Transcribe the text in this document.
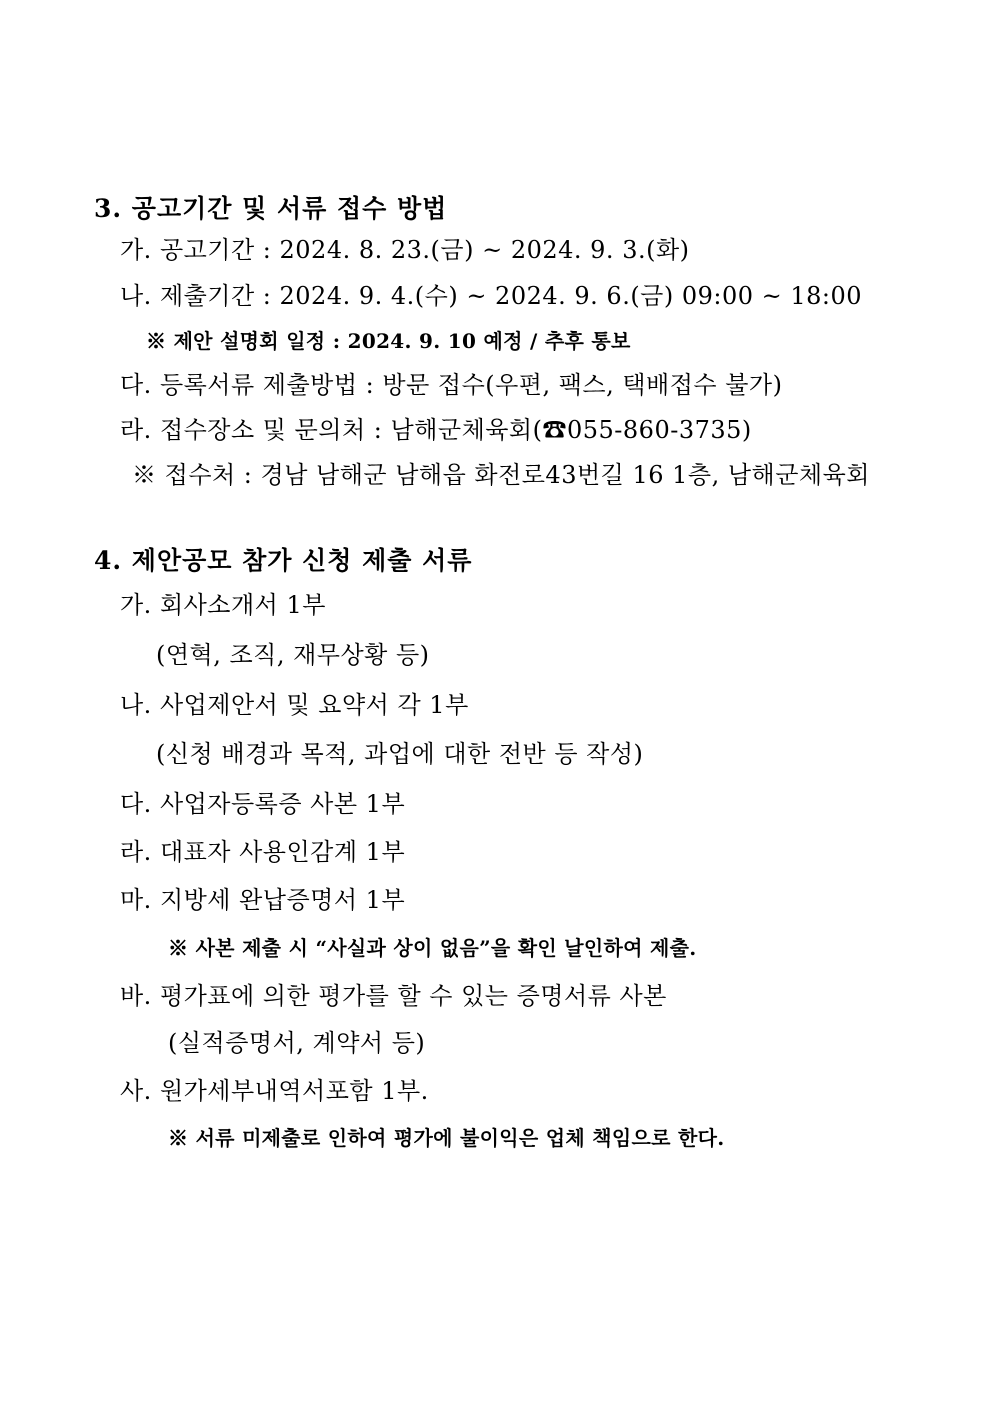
3. 공고기간 및 서류 접수 방법
가. 공고기간 : 2024. 8. 23.(금) ~ 2024. 9. 3.(화)
나. 제출기간 : 2024. 9. 4.(수) ~ 2024. 9. 6.(금) 09:00 ~ 18:00
※ 제안 설명회 일정 : 2024. 9. 10 예정 / 추후 통보
다. 등록서류 제출방법 : 방문 접수(우편, 팩스, 택배접수 불가)
라. 접수장소 및 문의처 : 남해군체육회(☎055-860-3735)
※ 접수처 : 경남 남해군 남해읍 화전로43번길 16 1층, 남해군체육회
4. 제안공모 참가 신청 제출 서류
가. 회사소개서 1부
(연혁, 조직, 재무상황 등)
나. 사업제안서 및 요약서 각 1부
(신청 배경과 목적, 과업에 대한 전반 등 작성)
다. 사업자등록증 사본 1부
라. 대표자 사용인감계 1부
마. 지방세 완납증명서 1부
※ 사본 제출 시 “사실과 상이 없음”을 확인 날인하여 제출.
바. 평가표에 의한 평가를 할 수 있는 증명서류 사본
(실적증명서, 계약서 등)
사. 원가세부내역서포함 1부.
※ 서류 미제출로 인하여 평가에 불이익은 업체 책임으로 한다.
